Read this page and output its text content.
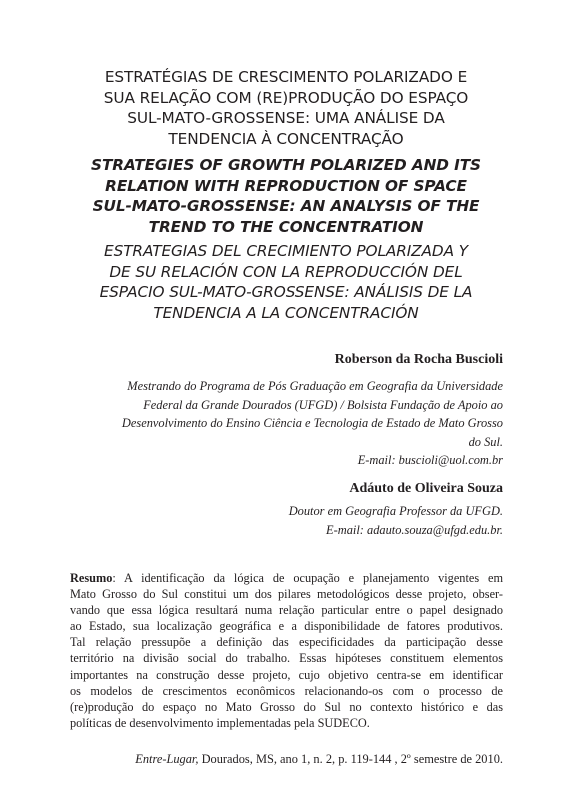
ESTRATÉGIAS DE CRESCIMENTO POLARIZADO E
SUA RELAÇÃO COM (RE)PRODUÇÃO DO ESPAÇO
SUL-MATO-GROSSENSE: UMA ANÁLISE DA
TENDENCIA À CONCENTRAÇÃO
STRATEGIES OF GROWTH POLARIZED AND ITS
RELATION WITH REPRODUCTION OF SPACE
SUL-MATO-GROSSENSE: AN ANALYSIS OF THE
TREND TO THE CONCENTRATION
ESTRATEGIAS DEL CRECIMIENTO POLARIZADA Y
DE SU RELACIÓN CON LA REPRODUCCIÓN DEL
ESPACIO SUL-MATO-GROSSENSE: ANÁLISIS DE LA
TENDENCIA A LA CONCENTRACIÓN
Roberson da Rocha Buscioli
Mestrando do Programa de Pós Graduação em Geografia da Universidade
Federal da Grande Dourados (UFGD) / Bolsista Fundação de Apoio ao
Desenvolvimento do Ensino Ciência e Tecnologia de Estado de Mato Grosso
do Sul.
E-mail: buscioli@uol.com.br
Adáuto de Oliveira Souza
Doutor em Geografia Professor da UFGD.
E-mail: adauto.souza@ufgd.edu.br.
Resumo: A identificação da lógica de ocupação e planejamento vigentes em
Mato Grosso do Sul constitui um dos pilares metodológicos desse projeto, obser-
vando que essa lógica resultará numa relação particular entre o papel designado
ao Estado, sua localização geográfica e a disponibilidade de fatores produtivos.
Tal relação pressupõe a definição das especificidades da participação desse
território na divisão social do trabalho. Essas hipóteses constituem elementos
importantes na construção desse projeto, cujo objetivo centra-se em identificar
os modelos de crescimentos econômicos relacionando-os com o processo de
(re)produção do espaço no Mato Grosso do Sul no contexto histórico e das
políticas de desenvolvimento implementadas pela SUDECO.
Entre-Lugar, Dourados, MS, ano 1, n. 2, p. 119-144 , 2º semestre de 2010.
